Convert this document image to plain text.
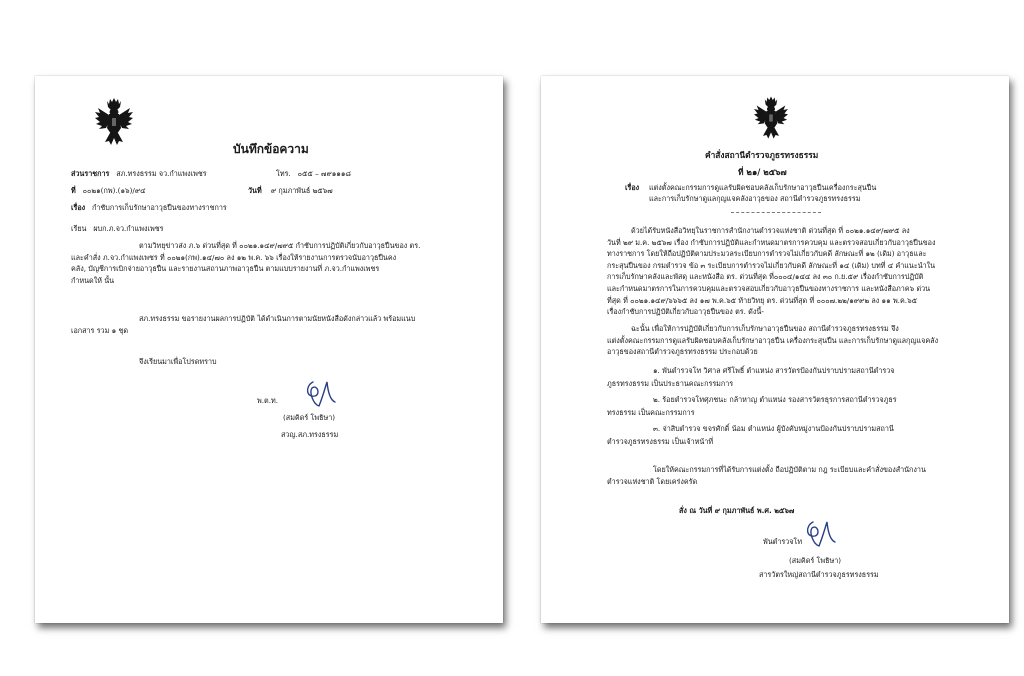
บันทึกข้อความ
ส่วนราชการ สภ.ทรงธรรม จว.กำแพงเพชร	โทร. ๐๕๕ – ๗๙๑๑๑๘
ที่ ๐๐๒๑(กพ).(๑๖)/๙๔	วันที่ ๙ กุมภาพันธ์ ๒๕๖๗
เรื่อง กำชับการเก็บรักษาอาวุธปืนของทางราชการ
เรียน ผบก.ภ.จว.กำแพงเพชร
ตามวิทยุข่าวส่ง ภ.๖ ด่วนที่สุด ที่ ๐๐๒๑.๑๔๙/๗๙๕ กำชับการปฏิบัติเกี่ยวกับอาวุธปืนของ ตร.
และคำสั่ง ภ.จว.กำแพงเพชร ที่ ๐๐๒๑(กพ).๑๔/๗๐ ลง ๑๒ พ.ค. ๖๖ เรื่องให้รายงานการตรวจนับอาวุธปืนคง
คลัง, บัญชีการเบิกจ่ายอาวุธปืน และรายงานสถานภาพอาวุธปืน ตามแบบรายงานที่ ภ.จว.กำแพงเพชร
กำหนดให้ นั้น
สภ.ทรงธรรม ขอรายงานผลการปฏิบัติ ได้ดำเนินการตามนัยหนังสือดังกล่าวแล้ว พร้อมแนบ
เอกสาร รวม ๑ ชุด
จึงเรียนมาเพื่อโปรดทราบ
พ.ต.ท.
(สมคิดร์ โพธิษา)
สวญ.สภ.ทรงธรรม
คำสั่งสถานีตำรวจภูธรทรงธรรม
ที่ ๒๑/ ๒๕๖๗
เรื่อง แต่งตั้งคณะกรรมการดูแลรับผิดชอบคลังเก็บรักษาอาวุธปืนเครื่องกระสุนปืน
และการเก็บรักษาดูแลกุญแจคลังอาวุธของ สถานีตำรวจภูธรทรงธรรม
ด้วยได้รับหนังสือวิทยุในราชการสำนักงานตำรวจแห่งชาติ ด่วนที่สุด ที่ ๐๐๒๑.๑๔๙/๗๙๕ ลง
วันที่ ๒๙ ม.ค. ๒๕๖๗ เรื่อง กำชับการปฏิบัติและกำหนดมาตรการควบคุม และตรวจสอบเกี่ยวกับอาวุธปืนของ
ทางราชการ โดยให้ถือปฏิบัติตามประมวลระเบียบการตำรวจไม่เกี่ยวกับคดี ลักษณะที่ ๑๒ (เดิม) อาวุธและ
กระสุนปืนของ กรมตำรวจ ข้อ ๓ ระเบียบการตำรวจไม่เกี่ยวกับคดี ลักษณะที่ ๑๔ (เดิม) บทที่ ๔ คำแนะนำใน
การเก็บรักษาคลังและพัสดุ และหนังสือ ตร. ด่วนที่สุด ที่๐๐๐๔/๑๔๔ ลง ๓๐ ก.ย.๕๙ เรื่องกำชับการปฏิบัติ
และกำหนดมาตรการในการควบคุมและตรวจสอบเกี่ยวกับอาวุธปืนของทางราชการ และหนังสือภาค๖ ด่วน
ที่สุด ที่ ๐๐๒๑.๑๔๙/๖๖๖๕ ลง ๑๗ พ.ค.๖๕ ท้ายวิทยุ ตร. ด่วนที่สุด ที่ ๐๐๐๗.๒๒/๑๙๙๒ ลง ๑๑ พ.ค.๖๕
เรื่องกำชับการปฏิบัติเกี่ยวกับอาวุธปืนของ ตร. ดังนี้-
ฉะนั้น เพื่อให้การปฏิบัติเกี่ยวกับการเก็บรักษาอาวุธปืนของ สถานีตำรวจภูธรทรงธรรม จึง
แต่งตั้งคณะกรรมการดูแลรับผิดชอบคลังเก็บรักษาอาวุธปืน เครื่องกระสุนปืน และการเก็บรักษาดูแลกุญแจคลัง
อาวุธของสถานีตำรวจภูธรทรงธรรม ประกอบด้วย
๑. พันตำรวจโท วิศาล ศรีโพธิ์ ตำแหน่ง สารวัตรป้องกันปราบปรามสถานีตำรวจ
ภูธรทรงธรรม เป็นประธานคณะกรรมการ
๒. ร้อยตำรวจโทศุภชนะ กล้าหาญ ตำแหน่ง รองสารวัตรธุรการสถานีตำรวจภูธร
ทรงธรรม เป็นคณะกรรมการ
๓. จ่าสิบตำรวจ ขจรศักดิ์ น้อม ตำแหน่ง ผู้บังคับหมู่งานป้องกันปราบปรามสถานี
ตำรวจภูธรทรงธรรม เป็นเจ้าหน้าที่
โดยให้คณะกรรมการที่ได้รับการแต่งตั้ง ถือปฏิบัติตาม กฎ ระเบียบและคำสั่งของสำนักงาน
ตำรวจแห่งชาติ โดยเคร่งครัด
สั่ง ณ วันที่ ๙ กุมภาพันธ์ พ.ศ. ๒๕๖๗
พันตำรวจโท
(สมคิดร์ โพธิษา)
สารวัตรใหญ่สถานีตำรวจภูธรทรงธรรม
